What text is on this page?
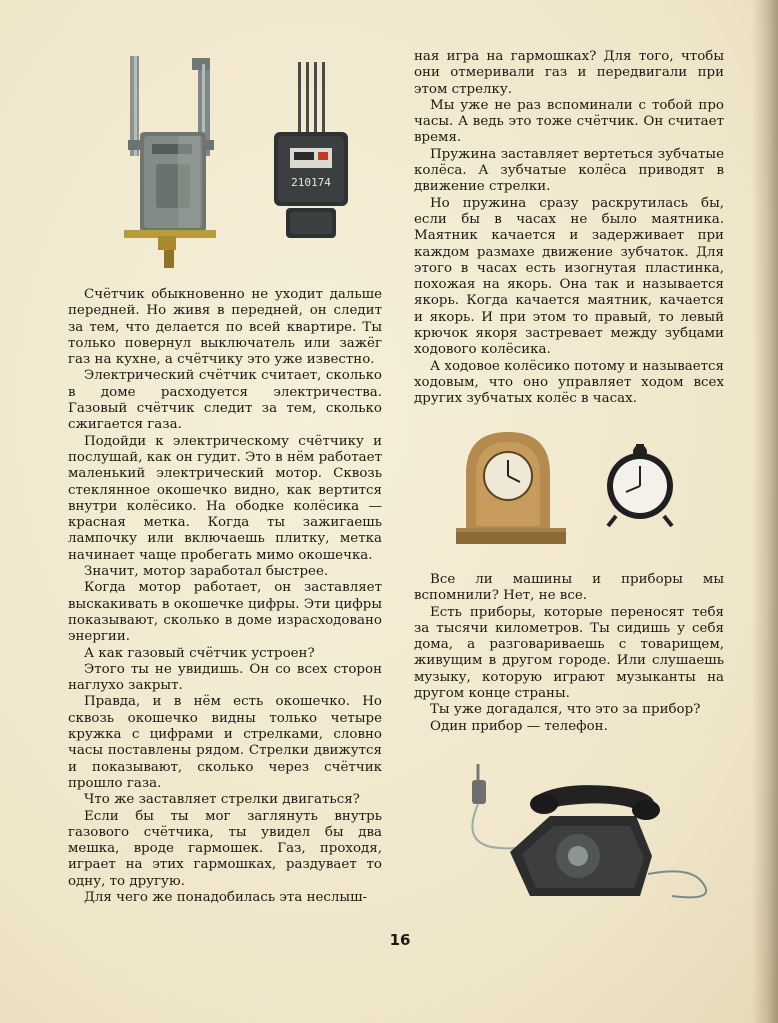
210174

Счётчик обыкновенно не уходит дальше передней. Но живя в передней, он следит за тем, что делается по всей квартире. Ты только повернул выключатель или зажёг газ на кухне, а счётчику это уже известно.

Электрический счётчик считает, сколько в доме расходуется электричества. Газовый счётчик следит за тем, сколько сжигается газа.

Подойди к электрическому счётчику и послушай, как он гудит. Это в нём работает маленький электрический мотор. Сквозь стеклянное окошечко видно, как вертится внутри колёсико. На ободке колёсика — красная метка. Когда ты зажигаешь лампочку или включаешь плитку, метка начинает чаще пробегать мимо окошечка.

Значит, мотор заработал быстрее.

Когда мотор работает, он заставляет выскакивать в окошечке цифры. Эти цифры показывают, сколько в доме израсходовано энергии.

А как газовый счётчик устроен?

Этого ты не увидишь. Он со всех сторон наглухо закрыт.

Правда, и в нём есть окошечко. Но сквозь окошечко видны только четыре кружка с цифрами и стрелками, словно часы поставлены рядом. Стрелки движутся и показывают, сколько через счётчик прошло газа.

Что же заставляет стрелки двигаться?

Если бы ты мог заглянуть внутрь газового счётчика, ты увидел бы два мешка, вроде гармошек. Газ, проходя, играет на этих гармошках, раздувает то одну, то другую.

Для чего же понадобилась эта неслыш-

ная игра на гармошках? Для того, чтобы они отмеривали газ и передвигали при этом стрелку.

Мы уже не раз вспоминали с тобой про часы. А ведь это тоже счётчик. Он считает время.

Пружина заставляет вертеться зубчатые колёса. А зубчатые колёса приводят в движение стрелки.

Но пружина сразу раскрутилась бы, если бы в часах не было маятника. Маятник качается и задерживает при каждом размахе движение зубчаток. Для этого в часах есть изогнутая пластинка, похожая на якорь. Она так и называется якорь. Когда качается маятник, качается и якорь. И при этом то правый, то левый крючок якоря застревает между зубцами ходового колёсика.

А ходовое колёсико потому и называется ходовым, что оно управляет ходом всех других зубчатых колёс в часах.

Все ли машины и приборы мы вспомнили? Нет, не все.

Есть приборы, которые переносят тебя за тысячи километров. Ты сидишь у себя дома, а разговариваешь с товарищем, живущим в другом городе. Или слушаешь музыку, которую играют музыканты на другом конце страны.

Ты уже догадался, что это за прибор?

Один прибор — телефон.

16
